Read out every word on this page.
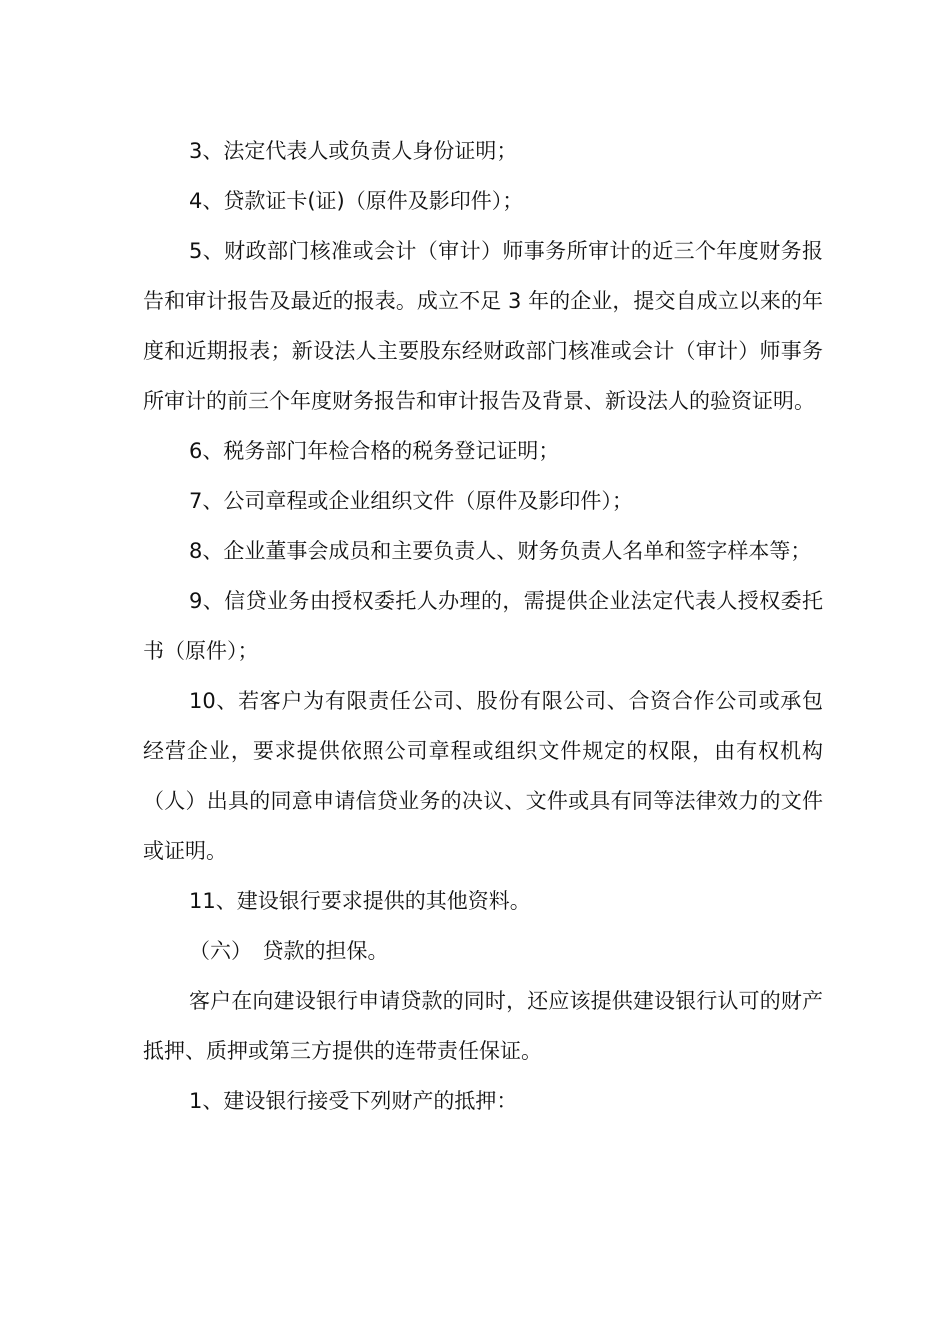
3、法定代表人或负责人身份证明；

4、贷款证卡(证)（原件及影印件）；

5、财政部门核准或会计（审计）师事务所审计的近三个年度财务报告和审计报告及最近的报表。成立不足 3 年的企业，提交自成立以来的年度和近期报表；新设法人主要股东经财政部门核准或会计（审计）师事务所审计的前三个年度财务报告和审计报告及背景、新设法人的验资证明。

6、税务部门年检合格的税务登记证明；

7、公司章程或企业组织文件（原件及影印件）；

8、企业董事会成员和主要负责人、财务负责人名单和签字样本等；

9、信贷业务由授权委托人办理的，需提供企业法定代表人授权委托书（原件）；

10、若客户为有限责任公司、股份有限公司、合资合作公司或承包经营企业，要求提供依照公司章程或组织文件规定的权限，由有权机构（人）出具的同意申请信贷业务的决议、文件或具有同等法律效力的文件或证明。

11、建设银行要求提供的其他资料。

（六）　贷款的担保。

客户在向建设银行申请贷款的同时，还应该提供建设银行认可的财产抵押、质押或第三方提供的连带责任保证。

1、建设银行接受下列财产的抵押：
